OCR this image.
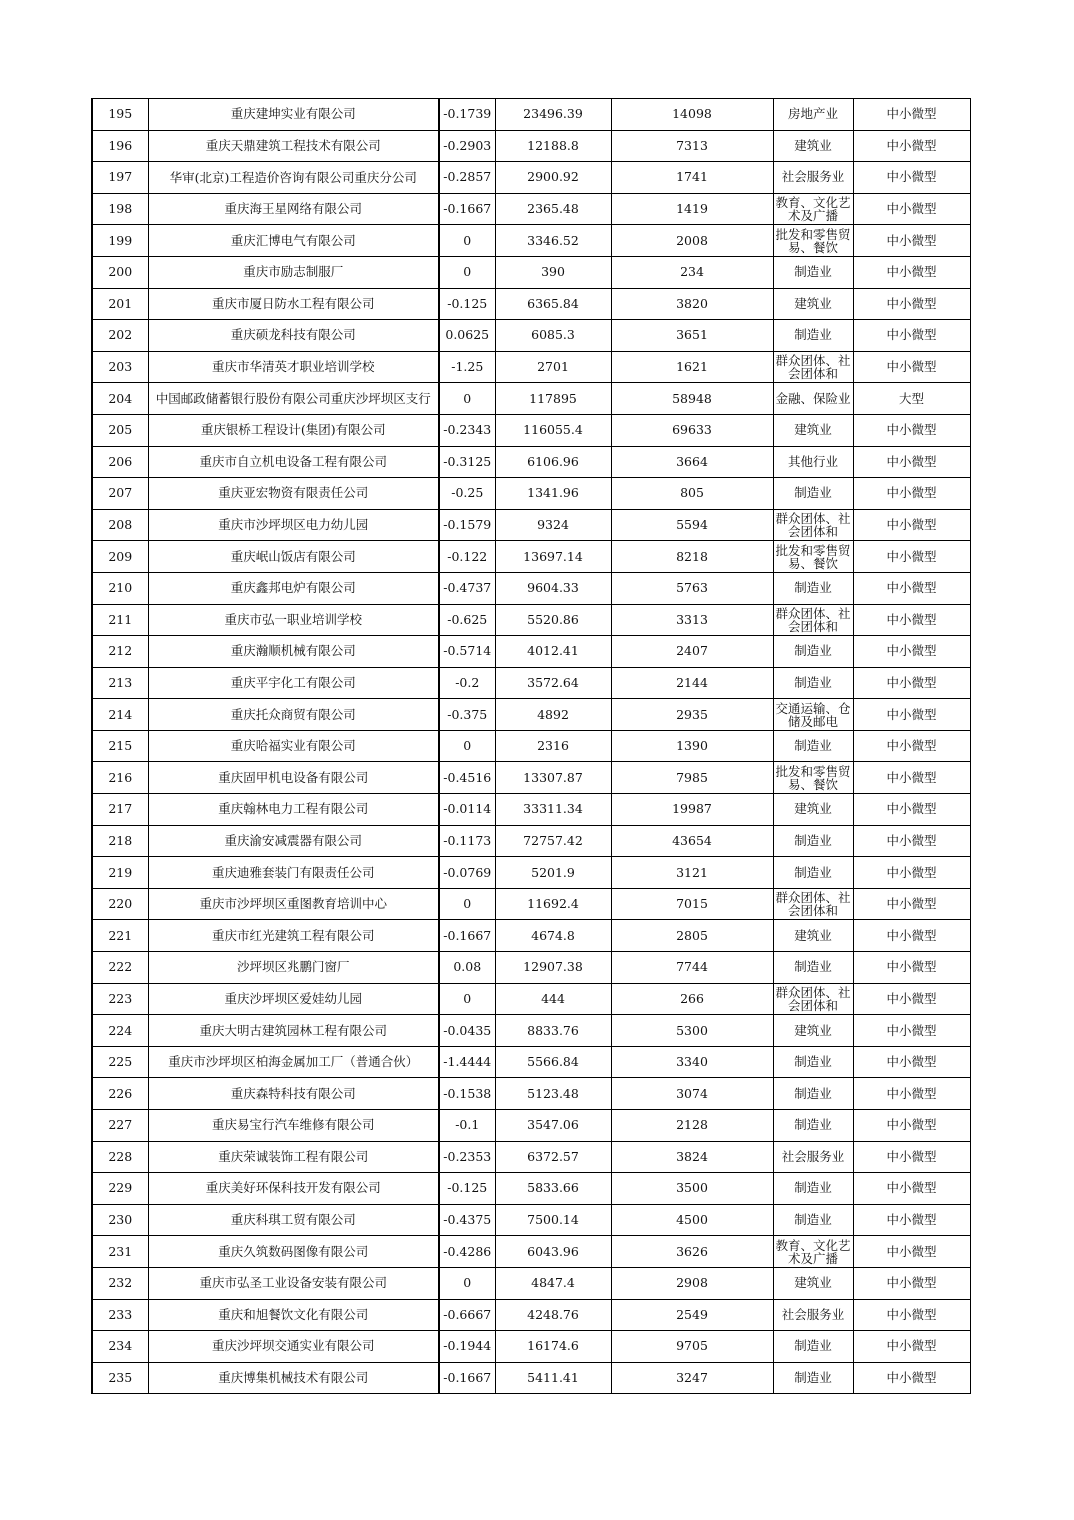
195	重庆建坤实业有限公司	-0.1739	23496.39	14098	房地产业	中小微型
196	重庆天鼎建筑工程技术有限公司	-0.2903	12188.8	7313	建筑业	中小微型
197	华审(北京)工程造价咨询有限公司重庆分公司	-0.2857	2900.92	1741	社会服务业	中小微型
198	重庆海王星网络有限公司	-0.1667	2365.48	1419	教育、文化艺术及广播	中小微型
199	重庆汇博电气有限公司	0	3346.52	2008	批发和零售贸易、餐饮	中小微型
200	重庆市励志制服厂	0	390	234	制造业	中小微型
201	重庆市厦日防水工程有限公司	-0.125	6365.84	3820	建筑业	中小微型
202	重庆硕龙科技有限公司	0.0625	6085.3	3651	制造业	中小微型
203	重庆市华清英才职业培训学校	-1.25	2701	1621	群众团体、社会团体和	中小微型
204	中国邮政储蓄银行股份有限公司重庆沙坪坝区支行	0	117895	58948	金融、保险业	大型
205	重庆银桥工程设计(集团)有限公司	-0.2343	116055.4	69633	建筑业	中小微型
206	重庆市自立机电设备工程有限公司	-0.3125	6106.96	3664	其他行业	中小微型
207	重庆亚宏物资有限责任公司	-0.25	1341.96	805	制造业	中小微型
208	重庆市沙坪坝区电力幼儿园	-0.1579	9324	5594	群众团体、社会团体和	中小微型
209	重庆岷山饭店有限公司	-0.122	13697.14	8218	批发和零售贸易、餐饮	中小微型
210	重庆鑫邦电炉有限公司	-0.4737	9604.33	5763	制造业	中小微型
211	重庆市弘一职业培训学校	-0.625	5520.86	3313	群众团体、社会团体和	中小微型
212	重庆瀚顺机械有限公司	-0.5714	4012.41	2407	制造业	中小微型
213	重庆平宇化工有限公司	-0.2	3572.64	2144	制造业	中小微型
214	重庆托众商贸有限公司	-0.375	4892	2935	交通运输、仓储及邮电	中小微型
215	重庆哈福实业有限公司	0	2316	1390	制造业	中小微型
216	重庆固甲机电设备有限公司	-0.4516	13307.87	7985	批发和零售贸易、餐饮	中小微型
217	重庆翰林电力工程有限公司	-0.0114	33311.34	19987	建筑业	中小微型
218	重庆渝安减震器有限公司	-0.1173	72757.42	43654	制造业	中小微型
219	重庆迪雅套装门有限责任公司	-0.0769	5201.9	3121	制造业	中小微型
220	重庆市沙坪坝区重图教育培训中心	0	11692.4	7015	群众团体、社会团体和	中小微型
221	重庆市红光建筑工程有限公司	-0.1667	4674.8	2805	建筑业	中小微型
222	沙坪坝区兆鹏门窗厂	0.08	12907.38	7744	制造业	中小微型
223	重庆沙坪坝区爱娃幼儿园	0	444	266	群众团体、社会团体和	中小微型
224	重庆大明古建筑园林工程有限公司	-0.0435	8833.76	5300	建筑业	中小微型
225	重庆市沙坪坝区柏海金属加工厂（普通合伙）	-1.4444	5566.84	3340	制造业	中小微型
226	重庆森特科技有限公司	-0.1538	5123.48	3074	制造业	中小微型
227	重庆易宝行汽车维修有限公司	-0.1	3547.06	2128	制造业	中小微型
228	重庆荣诚装饰工程有限公司	-0.2353	6372.57	3824	社会服务业	中小微型
229	重庆美好环保科技开发有限公司	-0.125	5833.66	3500	制造业	中小微型
230	重庆科琪工贸有限公司	-0.4375	7500.14	4500	制造业	中小微型
231	重庆久筑数码图像有限公司	-0.4286	6043.96	3626	教育、文化艺术及广播	中小微型
232	重庆市弘圣工业设备安装有限公司	0	4847.4	2908	建筑业	中小微型
233	重庆和旭餐饮文化有限公司	-0.6667	4248.76	2549	社会服务业	中小微型
234	重庆沙坪坝交通实业有限公司	-0.1944	16174.6	9705	制造业	中小微型
235	重庆博集机械技术有限公司	-0.1667	5411.41	3247	制造业	中小微型
